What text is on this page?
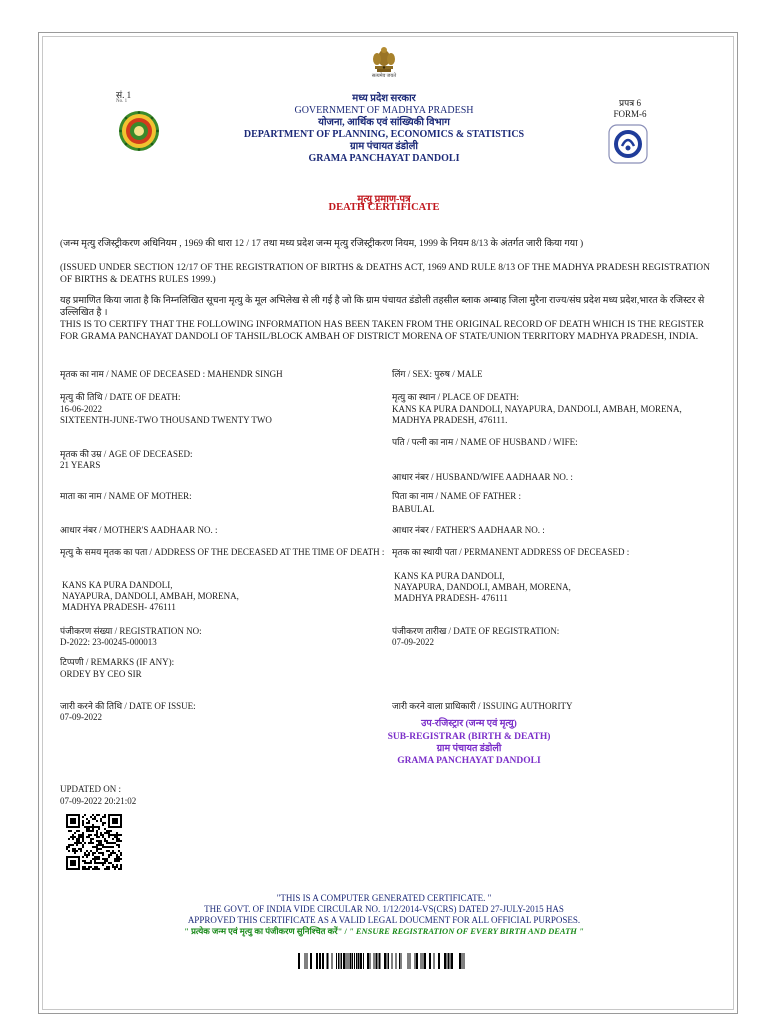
सत्यमेव जयते
सं. 1
No. 1	मध्य प्रदेश सरकार
GOVERNMENT OF MADHYA PRADESH
योजना, आर्थिक एवं सांख्यिकी विभाग
DEPARTMENT OF PLANNING, ECONOMICS & STATISTICS
ग्राम पंचायत डंडोली
GRAMA PANCHAYAT DANDOLI
प्रपत्र 6
FORM-6
मृत्यु प्रमाण-पत्र
DEATH CERTIFICATE
(जन्म मृत्यु रजिस्ट्रीकरण अधिनियम , 1969 की धारा 12 / 17 तथा मध्य प्रदेश जन्म मृत्यु रजिस्ट्रीकरण नियम, 1999 के नियम 8/13 के अंतर्गत जारी किया गया )
(ISSUED UNDER SECTION 12/17 OF THE REGISTRATION OF BIRTHS & DEATHS ACT, 1969 AND RULE 8/13 OF THE MADHYA PRADESH REGISTRATION OF BIRTHS & DEATHS RULES 1999.)
यह प्रमाणित किया जाता है कि निम्नलिखित सूचना मृत्यु के मूल अभिलेख से ली गई है जो कि ग्राम पंचायत डंडोली तहसील ब्लाक अम्बाह जिला मुरैना राज्य/संघ प्रदेश मध्य प्रदेश,भारत के रजिस्टर से उल्लिखित है ।
THIS IS TO CERTIFY THAT THE FOLLOWING INFORMATION HAS BEEN TAKEN FROM THE ORIGINAL RECORD OF DEATH WHICH IS THE REGISTER FOR GRAMA PANCHAYAT DANDOLI OF TAHSIL/BLOCK AMBAH OF DISTRICT MORENA OF STATE/UNION TERRITORY MADHYA PRADESH, INDIA.
मृतक का नाम / NAME OF DECEASED : MAHENDR SINGH	लिंग / SEX: पुरुष / MALE
मृत्यु की तिथि / DATE OF DEATH:
16-06-2022
SIXTEENTH-JUNE-TWO THOUSAND TWENTY TWO
मृत्यु का स्थान / PLACE OF DEATH:
KANS KA PURA DANDOLI, NAYAPURA, DANDOLI, AMBAH, MORENA,
MADHYA PRADESH, 476111.
पति / पत्नी का नाम / NAME OF HUSBAND / WIFE:
मृतक की उम्र / AGE OF DECEASED:
21 YEARS
आधार नंबर / HUSBAND/WIFE AADHAAR NO. :
माता का नाम / NAME OF MOTHER:	पिता का नाम / NAME OF FATHER :
BABULAL
आधार नंबर / MOTHER'S AADHAAR NO. :	आधार नंबर / FATHER'S AADHAAR NO. :
मृत्यु के समय मृतक का पता / ADDRESS OF THE DECEASED AT THE TIME OF DEATH :
KANS KA PURA DANDOLI,
NAYAPURA, DANDOLI, AMBAH, MORENA,
MADHYA PRADESH- 476111
मृतक का स्थायी पता / PERMANENT ADDRESS OF DECEASED :
KANS KA PURA DANDOLI,
NAYAPURA, DANDOLI, AMBAH, MORENA,
MADHYA PRADESH- 476111
पंजीकरण संख्या / REGISTRATION NO:
D-2022: 23-00245-000013
पंजीकरण तारीख / DATE OF REGISTRATION:
07-09-2022
टिप्पणी / REMARKS (IF ANY):
ORDEY BY CEO SIR
जारी करने की तिथि / DATE OF ISSUE:
07-09-2022
जारी करने वाला प्राधिकारी / ISSUING AUTHORITY
उप-रजिस्ट्रार (जन्म एवं मृत्यु)
SUB-REGISTRAR (BIRTH & DEATH)
ग्राम पंचायत डंडोली
GRAMA PANCHAYAT DANDOLI
UPDATED ON :
07-09-2022 20:21:02
"THIS IS A COMPUTER GENERATED CERTIFICATE. "
THE GOVT. OF INDIA VIDE CIRCULAR NO. 1/12/2014-VS(CRS) DATED 27-JULY-2015 HAS
APPROVED THIS CERTIFICATE AS A VALID LEGAL DOUCMENT FOR ALL OFFICIAL PURPOSES.
" प्रत्येक जन्म एवं मृत्यु का पंजीकरण सुनिश्चित करें" / " ENSURE REGISTRATION OF EVERY BIRTH AND DEATH "
